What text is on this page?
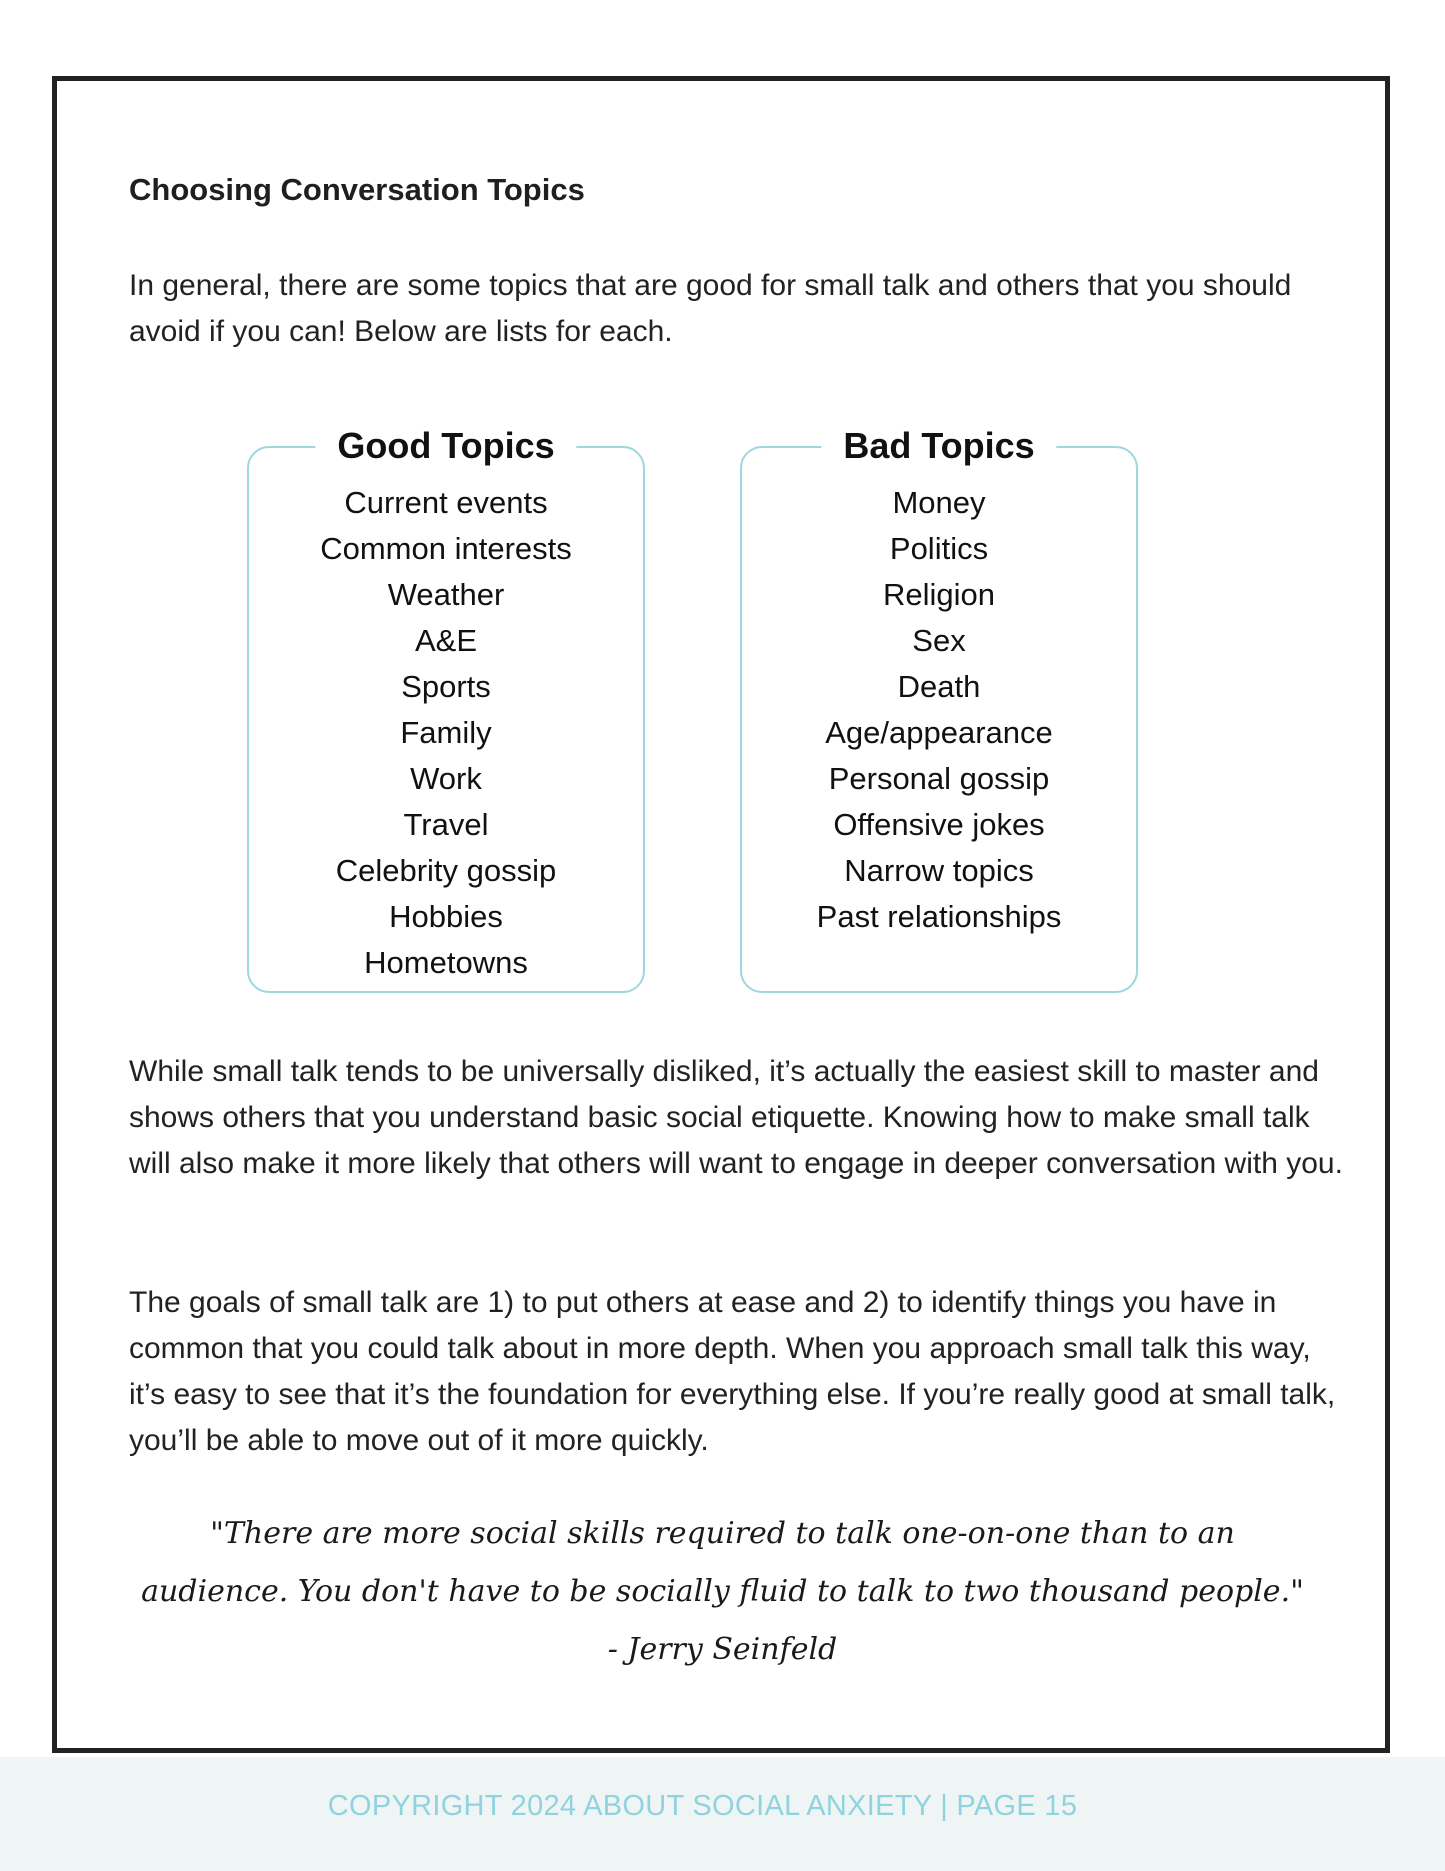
Choosing Conversation Topics

In general, there are some topics that are good for small talk and others that you should avoid if you can! Below are lists for each.

Good Topics
Current events
Common interests
Weather
A&E
Sports
Family
Work
Travel
Celebrity gossip
Hobbies
Hometowns
Bad Topics
Money
Politics
Religion
Sex
Death
Age/appearance
Personal gossip
Offensive jokes
Narrow topics
Past relationships

While small talk tends to be universally disliked, it’s actually the easiest skill to master and shows others that you understand basic social etiquette. Knowing how to make small talk will also make it more likely that others will want to engage in deeper conversation with you.

The goals of small talk are 1) to put others at ease and 2) to identify things you have in common that you could talk about in more depth. When you approach small talk this way, it’s easy to see that it’s the foundation for everything else. If you’re really good at small talk, you’ll be able to move out of it more quickly.

"There are more social skills required to talk one-on-one than to an audience. You don't have to be socially fluid to talk to two thousand people." - Jerry Seinfeld

COPYRIGHT 2024 ABOUT SOCIAL ANXIETY | PAGE 15
